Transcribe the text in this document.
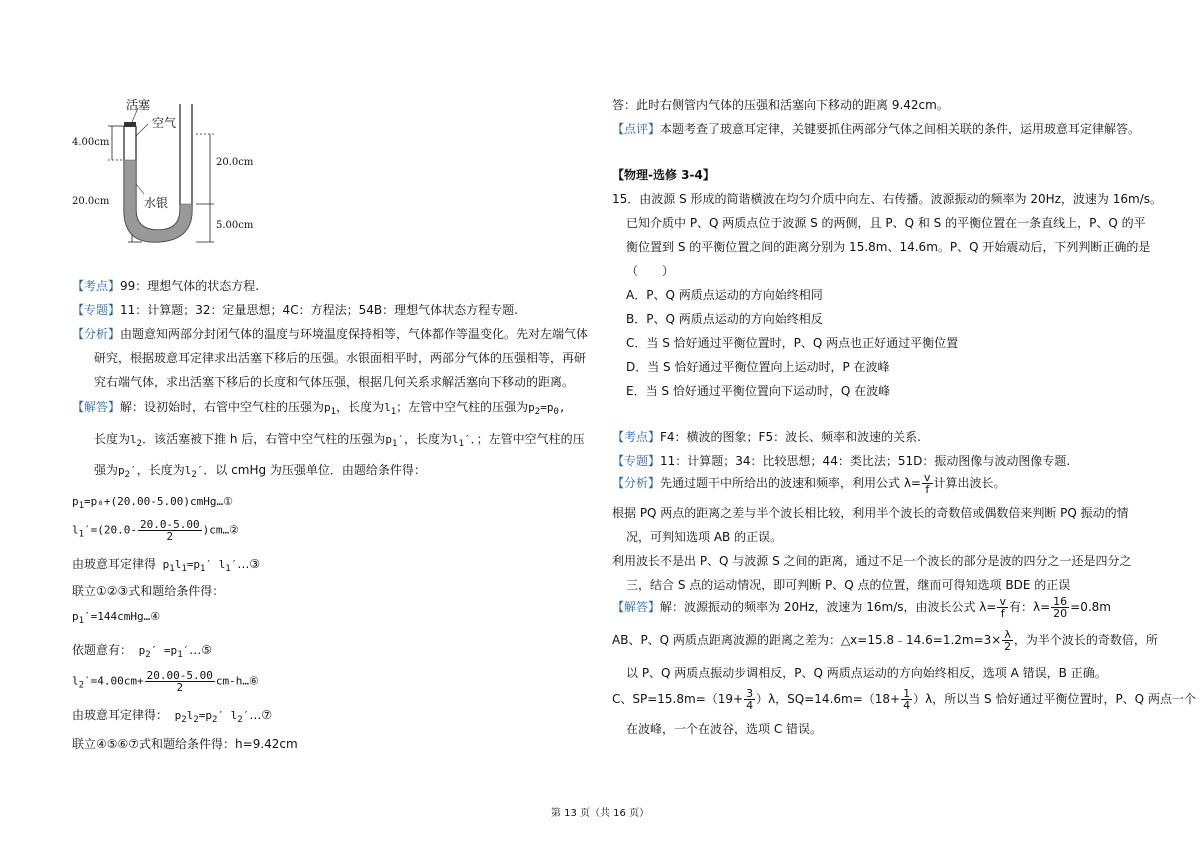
活塞
空气
水银
4.00cm
20.0cm
20.0cm
5.00cm
【考点】99：理想气体的状态方程.
【专题】11：计算题；32：定量思想；4C：方程法；54B：理想气体状态方程专题.
【分析】由题意知两部分封闭气体的温度与环境温度保持相等，气体都作等温变化。先对左端气体
研究，根据玻意耳定律求出活塞下移后的压强。水银面相平时，两部分气体的压强相等，再研
究右端气体，求出活塞下移后的长度和气体压强，根据几何关系求解活塞向下移动的距离。
【解答】解：设初始时，右管中空气柱的压强为$p_1$，长度为$l_1$；左管中空气柱的压强为$p_2=p_0$,
长度为$l_2$．该活塞被下推 h 后，右管中空气柱的压强为$p_1'$，长度为$l_1'$．；左管中空气柱的压
强为$p_2'$，长度为$l_2'$．以 cmHg 为压强单位．由题给条件得：
$p_1=p_0+(20.00-5.00)cmHg\dots ①$
$l_1'=(20.0- \frac{20.0-5.00}{2}$ )cm…②
由玻意耳定律得 $p_1l_1=p_1'$ $l_1'\dots ③$
联立①②③式和题给条件得：
$p_1'=144cmHg\dots ④$
依题意有： $p_2'$ $=p_1'\dots ⑤$
$l_2'=4.00cm+ \frac{20.00-5.00}{2}$ cm-h…⑥
由玻意耳定律得： $p_2l_2=p_2'$ $l_2'\dots ⑦$
联立④⑤⑥⑦式和题给条件得：h=9.42cm
答：此时右侧管内气体的压强和活塞向下移动的距离 9.42cm。
【点评】本题考查了玻意耳定律，关键要抓住两部分气体之间相关联的条件，运用玻意耳定律解答。
【物理-选修 3-4】
15．由波源 S 形成的简谐横波在均匀介质中向左、右传播。波源振动的频率为 20Hz，波速为 16m/s。
已知介质中 P、Q 两质点位于波源 S 的两侧，且 P、Q 和 S 的平衡位置在一条直线上，P、Q 的平
衡位置到 S 的平衡位置之间的距离分别为 15.8m、14.6m。P、Q 开始震动后，下列判断正确的是
（　　）
A．P、Q 两质点运动的方向始终相同
B．P、Q 两质点运动的方向始终相反
C．当 S 恰好通过平衡位置时，P、Q 两点也正好通过平衡位置
D．当 S 恰好通过平衡位置向上运动时，P 在波峰
E．当 S 恰好通过平衡位置向下运动时，Q 在波峰
【考点】F4：横波的图象；F5：波长、频率和波速的关系.
【专题】11：计算题；34：比较思想；44：类比法；51D：振动图像与波动图像专题.
【分析】先通过题干中所给出的波速和频率，利用公式 $\lambda= \frac{v}{f}$ 计算出波长。
根据 PQ 两点的距离之差与半个波长相比较，利用半个波长的奇数倍或偶数倍来判断 PQ 振动的情
况，可判知选项 AB 的正误。
利用波长不是出 P、Q 与波源 S 之间的距离，通过不足一个波长的部分是波的四分之一还是四分之
三，结合 S 点的运动情况，即可判断 P、Q 点的位置，继而可得知选项 BDE 的正误
【解答】解：波源振动的频率为 20Hz，波速为 16m/s，由波长公式 $\lambda= \frac{v}{f}$ 有：$\lambda= \frac{16}{20} =0.8m$
AB、P、Q 两质点距离波源的距离之差为：△x=15.8﹣14.6=1.2m=3× $\frac{\lambda}{2}$ ，为半个波长的奇数倍，所
以 P、Q 两质点振动步调相反，P、Q 两质点运动的方向始终相反，选项 A 错误，B 正确。
C、$SP=15.8m=(19+ \frac{3}{4} )\lambda$，$SQ=14.6m=(18+ \frac{1}{4} )\lambda$，所以当 S 恰好通过平衡位置时，P、Q 两点一个
在波峰，一个在波谷，选项 C 错误。
第 13 页（共 16 页）
